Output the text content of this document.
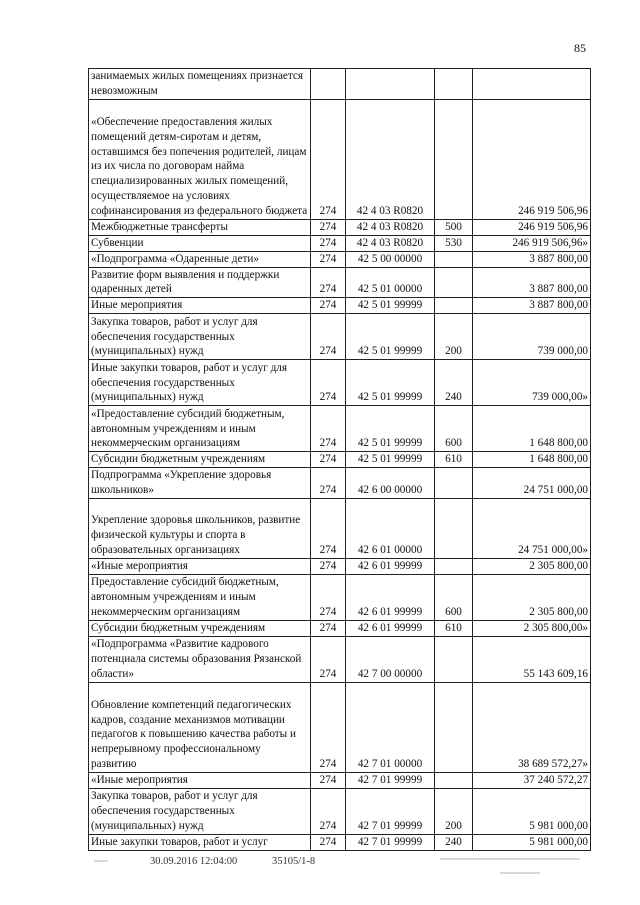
85
занимаемых жилых помещениях признается невозможным				
«Обеспечение предоставления жилых помещений детям-сиротам и детям, оставшимся без попечения родителей, лицам из их числа по договорам найма специализированных жилых помещений, осуществляемое на условиях софинансирования из федерального бюджета	274	42 4 03 R0820		246 919 506,96
Межбюджетные трансферты	274	42 4 03 R0820	500	246 919 506,96
Субвенции	274	42 4 03 R0820	530	246 919 506,96»
«Подпрограмма «Одаренные дети»	274	42 5 00 00000		3 887 800,00
Развитие форм выявления и поддержки одаренных детей	274	42 5 01 00000		3 887 800,00
Иные мероприятия	274	42 5 01 99999		3 887 800,00
Закупка товаров, работ и услуг для обеспечения государственных (муниципальных) нужд	274	42 5 01 99999	200	739 000,00
Иные закупки товаров, работ и услуг для обеспечения государственных (муниципальных) нужд	274	42 5 01 99999	240	739 000,00»
«Предоставление субсидий бюджетным, автономным учреждениям и иным некоммерческим организациям	274	42 5 01 99999	600	1 648 800,00
Субсидии бюджетным учреждениям	274	42 5 01 99999	610	1 648 800,00
Подпрограмма «Укрепление здоровья школьников»	274	42 6 00 00000		24 751 000,00
Укрепление здоровья школьников, развитие физической культуры и спорта в образовательных организациях	274	42 6 01 00000		24 751 000,00»
«Иные мероприятия	274	42 6 01 99999		2 305 800,00
Предоставление субсидий бюджетным, автономным учреждениям и иным некоммерческим организациям	274	42 6 01 99999	600	2 305 800,00
Субсидии бюджетным учреждениям	274	42 6 01 99999	610	2 305 800,00»
«Подпрограмма «Развитие кадрового потенциала системы образования Рязанской области»	274	42 7 00 00000		55 143 609,16
Обновление компетенций педагогических кадров, создание механизмов мотивации педагогов к повышению качества работы и непрерывному профессиональному развитию	274	42 7 01 00000		38 689 572,27»
«Иные мероприятия	274	42 7 01 99999		37 240 572,27
Закупка товаров, работ и услуг для обеспечения государственных (муниципальных) нужд	274	42 7 01 99999	200	5 981 000,00
Иные закупки товаров, работ и услуг	274	42 7 01 99999	240	5 981 000,00
30.09.2016 12:04:00	35105/1-8
